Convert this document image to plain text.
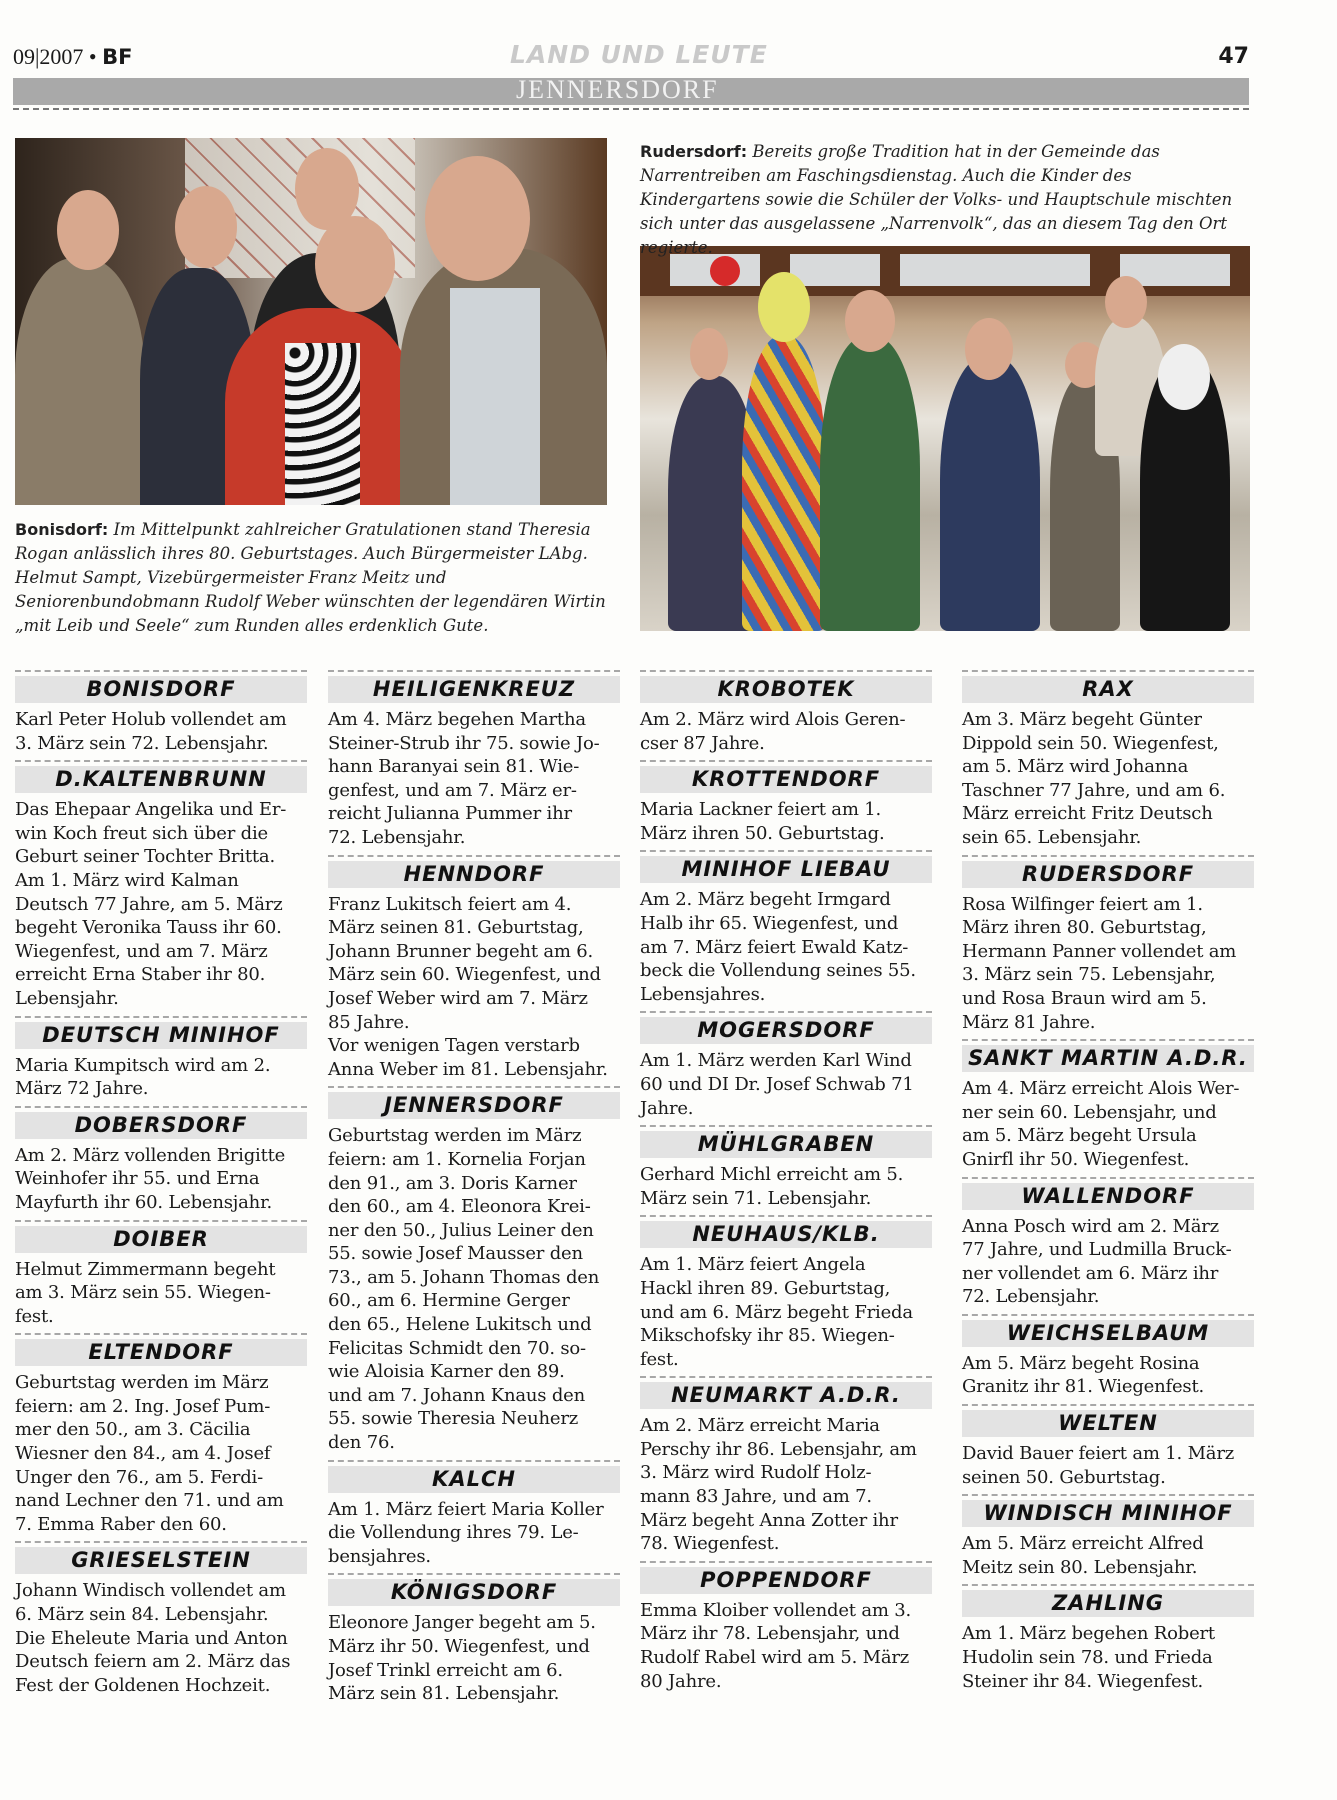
09|2007 • BF	LAND UND LEUTE	47
JENNERSDORF
Rudersdorf: Bereits große Tradition hat in der Gemeinde das Narrentreiben am Faschingsdienstag. Auch die Kinder des Kindergartens sowie die Schüler der Volks- und Hauptschule mischten sich unter das ausgelassene „Narrenvolk“, das an diesem Tag den Ort regierte.
Bonisdorf: Im Mittelpunkt zahlreicher Gratulationen stand Theresia Rogan anlässlich ihres 80. Geburtstages. Auch Bürgermeister LAbg. Helmut Sampt, Vizebürgermeister Franz Meitz und Seniorenbundobmann Rudolf Weber wünschten der legendären Wirtin „mit Leib und Seele“ zum Runden alles erdenklich Gute.
BONISDORF
Karl Peter Holub vollendet am
3. März sein 72. Lebensjahr.
D.KALTENBRUNN
Das Ehepaar Angelika und Er-
win Koch freut sich über die
Geburt seiner Tochter Britta.
Am 1. März wird Kalman
Deutsch 77 Jahre, am 5. März
begeht Veronika Tauss ihr 60.
Wiegenfest, und am 7. März
erreicht Erna Staber ihr 80.
Lebensjahr.
DEUTSCH MINIHOF
Maria Kumpitsch wird am 2.
März 72 Jahre.
DOBERSDORF
Am 2. März vollenden Brigitte
Weinhofer ihr 55. und Erna
Mayfurth ihr 60. Lebensjahr.
DOIBER
Helmut Zimmermann begeht
am 3. März sein 55. Wiegen-
fest.
ELTENDORF
Geburtstag werden im März
feiern: am 2. Ing. Josef Pum-
mer den 50., am 3. Cäcilia
Wiesner den 84., am 4. Josef
Unger den 76., am 5. Ferdi-
nand Lechner den 71. und am
7. Emma Raber den 60.
GRIESELSTEIN
Johann Windisch vollendet am
6. März sein 84. Lebensjahr.
Die Eheleute Maria und Anton
Deutsch feiern am 2. März das
Fest der Goldenen Hochzeit.
HEILIGENKREUZ
Am 4. März begehen Martha
Steiner-Strub ihr 75. sowie Jo-
hann Baranyai sein 81. Wie-
genfest, und am 7. März er-
reicht Julianna Pummer ihr
72. Lebensjahr.
HENNDORF
Franz Lukitsch feiert am 4.
März seinen 81. Geburtstag,
Johann Brunner begeht am 6.
März sein 60. Wiegenfest, und
Josef Weber wird am 7. März
85 Jahre.
Vor wenigen Tagen verstarb
Anna Weber im 81. Lebensjahr.
JENNERSDORF
Geburtstag werden im März
feiern: am 1. Kornelia Forjan
den 91., am 3. Doris Karner
den 60., am 4. Eleonora Krei-
ner den 50., Julius Leiner den
55. sowie Josef Mausser den
73., am 5. Johann Thomas den
60., am 6. Hermine Gerger
den 65., Helene Lukitsch und
Felicitas Schmidt den 70. so-
wie Aloisia Karner den 89.
und am 7. Johann Knaus den
55. sowie Theresia Neuherz
den 76.
KALCH
Am 1. März feiert Maria Koller
die Vollendung ihres 79. Le-
bensjahres.
KÖNIGSDORF
Eleonore Janger begeht am 5.
März ihr 50. Wiegenfest, und
Josef Trinkl erreicht am 6.
März sein 81. Lebensjahr.
KROBOTEK
Am 2. März wird Alois Geren-
cser 87 Jahre.
KROTTENDORF
Maria Lackner feiert am 1.
März ihren 50. Geburtstag.
MINIHOF LIEBAU
Am 2. März begeht Irmgard
Halb ihr 65. Wiegenfest, und
am 7. März feiert Ewald Katz-
beck die Vollendung seines 55.
Lebensjahres.
MOGERSDORF
Am 1. März werden Karl Wind
60 und DI Dr. Josef Schwab 71
Jahre.
MÜHLGRABEN
Gerhard Michl erreicht am 5.
März sein 71. Lebensjahr.
NEUHAUS/KLB.
Am 1. März feiert Angela
Hackl ihren 89. Geburtstag,
und am 6. März begeht Frieda
Mikschofsky ihr 85. Wiegen-
fest.
NEUMARKT A.D.R.
Am 2. März erreicht Maria
Perschy ihr 86. Lebensjahr, am
3. März wird Rudolf Holz-
mann 83 Jahre, und am 7.
März begeht Anna Zotter ihr
78. Wiegenfest.
POPPENDORF
Emma Kloiber vollendet am 3.
März ihr 78. Lebensjahr, und
Rudolf Rabel wird am 5. März
80 Jahre.
RAX
Am 3. März begeht Günter
Dippold sein 50. Wiegenfest,
am 5. März wird Johanna
Taschner 77 Jahre, und am 6.
März erreicht Fritz Deutsch
sein 65. Lebensjahr.
RUDERSDORF
Rosa Wilfinger feiert am 1.
März ihren 80. Geburtstag,
Hermann Panner vollendet am
3. März sein 75. Lebensjahr,
und Rosa Braun wird am 5.
März 81 Jahre.
SANKT MARTIN A.D.R.
Am 4. März erreicht Alois Wer-
ner sein 60. Lebensjahr, und
am 5. März begeht Ursula
Gnirfl ihr 50. Wiegenfest.
WALLENDORF
Anna Posch wird am 2. März
77 Jahre, und Ludmilla Bruck-
ner vollendet am 6. März ihr
72. Lebensjahr.
WEICHSELBAUM
Am 5. März begeht Rosina
Granitz ihr 81. Wiegenfest.
WELTEN
David Bauer feiert am 1. März
seinen 50. Geburtstag.
WINDISCH MINIHOF
Am 5. März erreicht Alfred
Meitz sein 80. Lebensjahr.
ZAHLING
Am 1. März begehen Robert
Hudolin sein 78. und Frieda
Steiner ihr 84. Wiegenfest.
